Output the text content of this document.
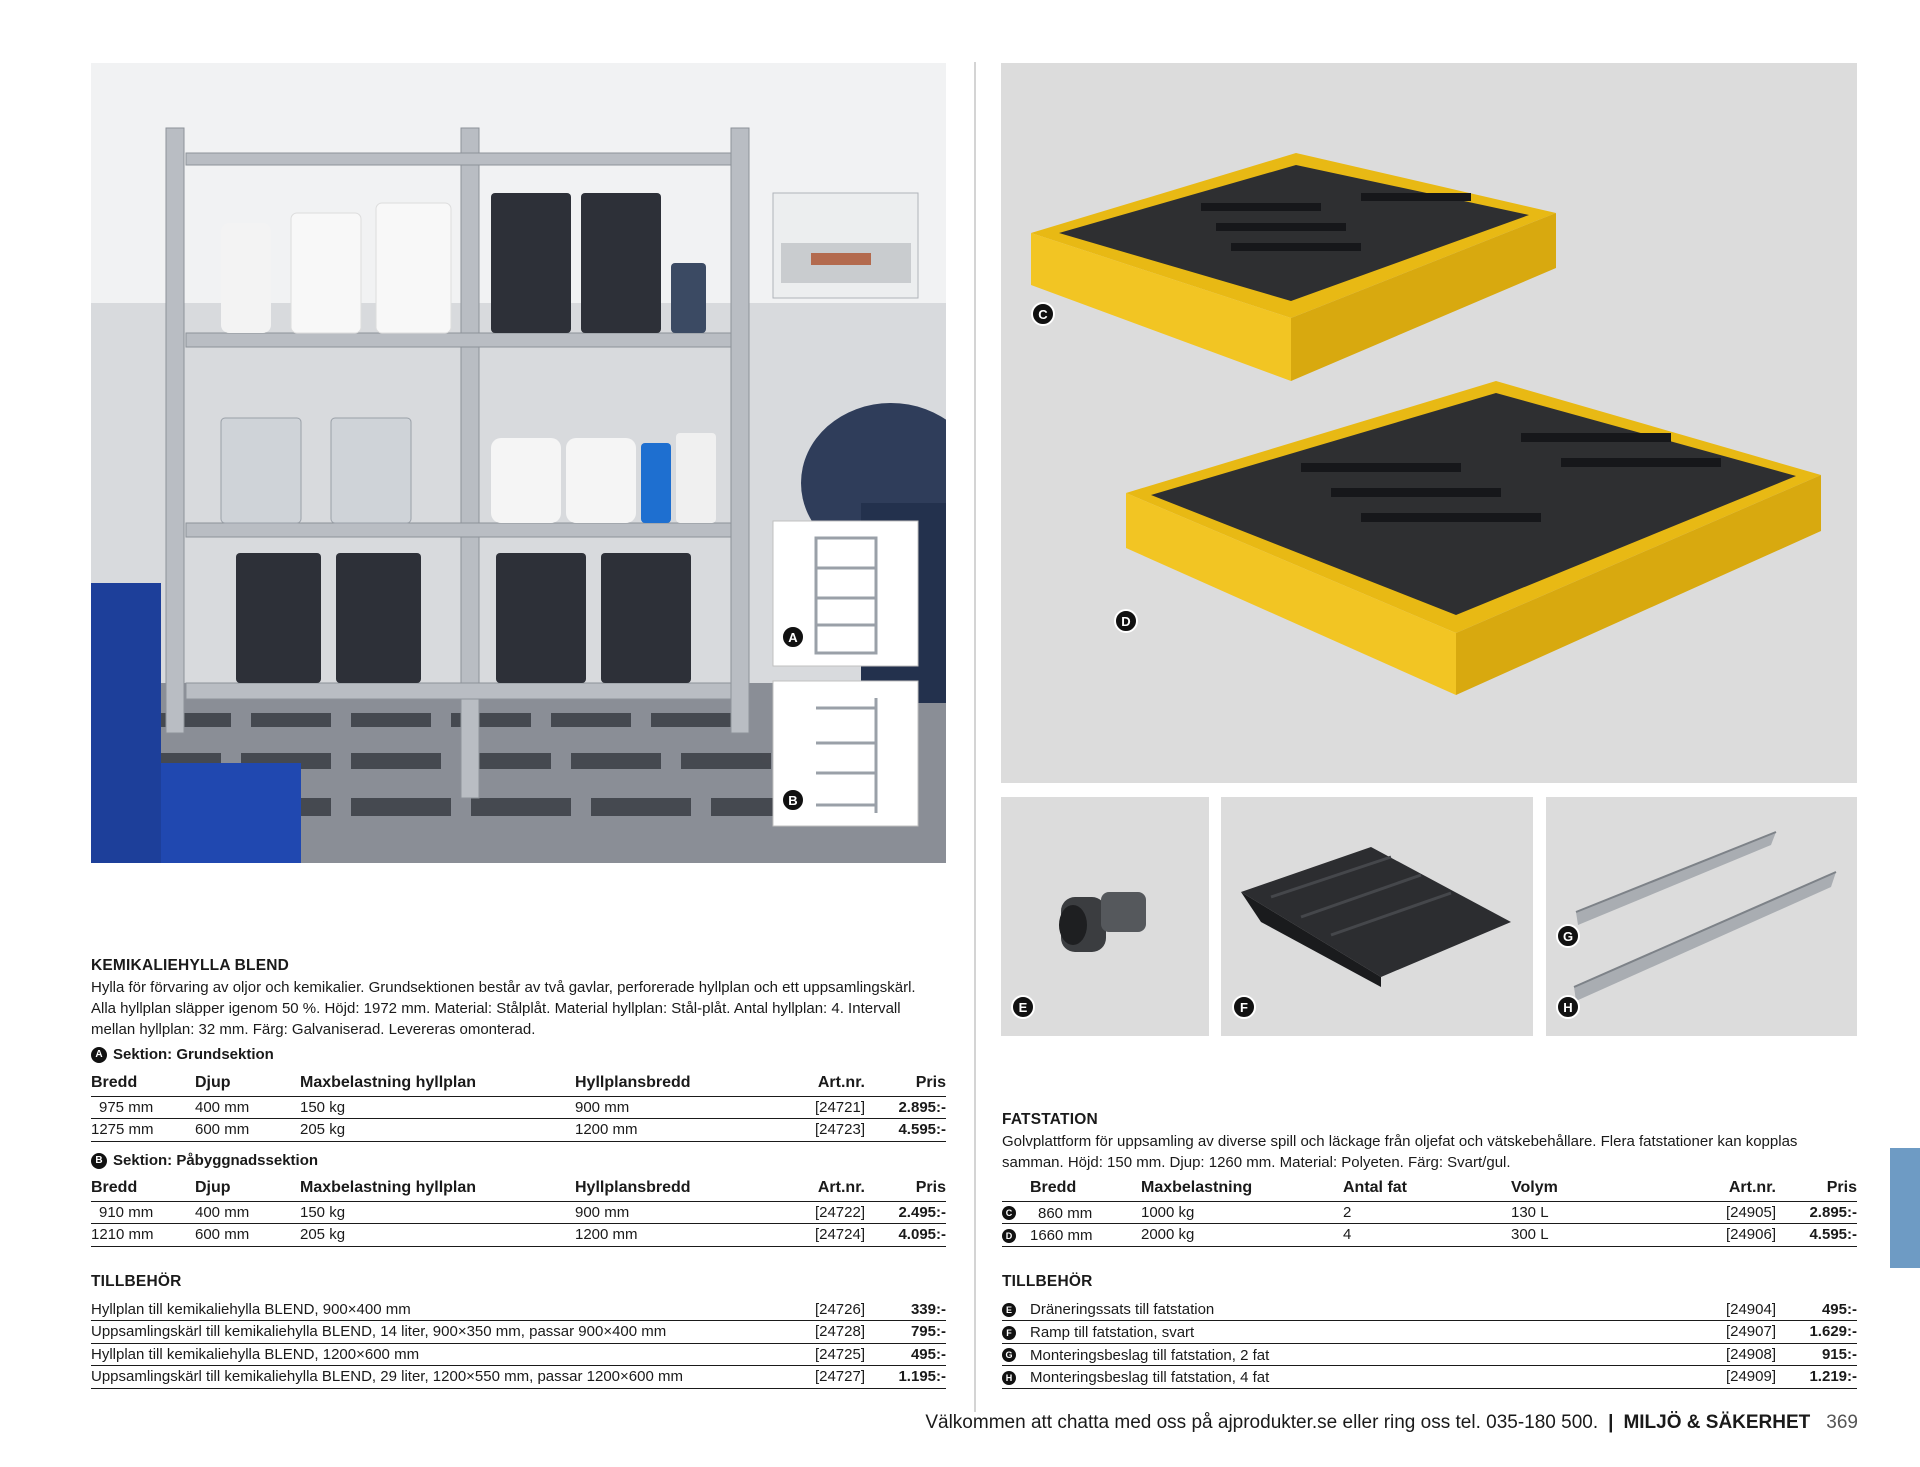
A
B
C
D
E	F
G
H
KEMIKALIEHYLLA BLEND
Hylla för förvaring av oljor och kemikalier. Grundsektionen består av två gavlar, perforerade hyllplan och ett uppsamlingskärl. Alla hyllplan släpper igenom 50 %. Höjd: 1972 mm. Material: Stålplåt. Material hyllplan: Stål-plåt. Antal hyllplan: 4. Intervall mellan hyllplan: 32 mm. Färg: Galvaniserad. Levereras omonterad.
A Sektion: Grundsektion
Bredd	Djup	Maxbelastning hyllplan	Hyllplansbredd	Art.nr.	Pris
975 mm	400 mm	150 kg	900 mm	[24721]	2.895:-
1275 mm	600 mm	205 kg	1200 mm	[24723]	4.595:-
B Sektion: Påbyggnadssektion
Bredd	Djup	Maxbelastning hyllplan	Hyllplansbredd	Art.nr.	Pris
910 mm	400 mm	150 kg	900 mm	[24722]	2.495:-
1210 mm	600 mm	205 kg	1200 mm	[24724]	4.095:-
TILLBEHÖR
Hyllplan till kemikaliehylla BLEND, 900×400 mm	[24726]	339:-
Uppsamlingskärl till kemikaliehylla BLEND, 14 liter, 900×350 mm, passar 900×400 mm	[24728]	795:-
Hyllplan till kemikaliehylla BLEND, 1200×600 mm	[24725]	495:-
Uppsamlingskärl till kemikaliehylla BLEND, 29 liter, 1200×550 mm, passar 1200×600 mm	[24727]	1.195:-
FATSTATION
Golvplattform för uppsamling av diverse spill och läckage från oljefat och vätskebehållare. Flera fatstationer kan kopplas samman. Höjd: 150 mm. Djup: 1260 mm. Material: Polyeten. Färg: Svart/gul.
Bredd	Maxbelastning	Antal fat	Volym	Art.nr.	Pris

C 860 mm	1000 kg	2	130 L	[24905]	2.895:-

D 1660 mm	2000 kg	4	300 L	[24906]	4.595:-
TILLBEHÖR
E Dräneringssats till fatstation	[24904]	495:-

F Ramp till fatstation, svart	[24907]	1.629:-

G Monteringsbeslag till fatstation, 2 fat	[24908]	915:-

H Monteringsbeslag till fatstation, 4 fat	[24909]	1.219:-
Välkommen att chatta med oss på ajprodukter.se eller ring oss tel. 035-180 500. | MILJÖ & SÄKERHET 369
